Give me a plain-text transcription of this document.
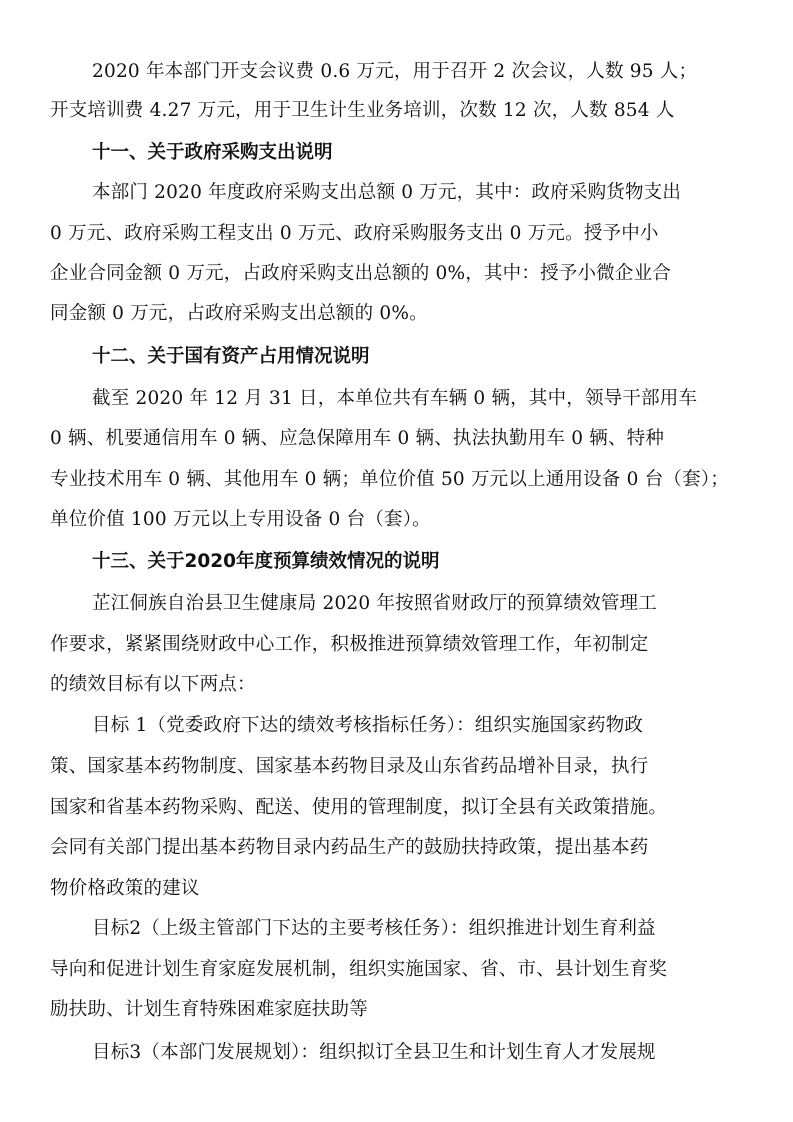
2020 年本部门开支会议费 0.6 万元，用于召开 2 次会议，人数 95 人；
开支培训费 4.27 万元，用于卫生计生业务培训，次数 12 次，人数 854 人
十一、关于政府采购支出说明
本部门 2020 年度政府采购支出总额 0 万元，其中：政府采购货物支出
0 万元、政府采购工程支出 0 万元、政府采购服务支出 0 万元。授予中小
企业合同金额 0 万元，占政府采购支出总额的 0%，其中：授予小微企业合
同金额 0 万元，占政府采购支出总额的 0%。
十二、关于国有资产占用情况说明
截至 2020 年 12 月 31 日，本单位共有车辆 0 辆，其中，领导干部用车
0 辆、机要通信用车 0 辆、应急保障用车 0 辆、执法执勤用车 0 辆、特种
专业技术用车 0 辆、其他用车 0 辆；单位价值 50 万元以上通用设备 0 台（套）；
单位价值 100 万元以上专用设备 0 台（套）。
十三、关于2020年度预算绩效情况的说明
芷江侗族自治县卫生健康局 2020 年按照省财政厅的预算绩效管理工
作要求，紧紧围绕财政中心工作，积极推进预算绩效管理工作，年初制定
的绩效目标有以下两点：
目标 1（党委政府下达的绩效考核指标任务）：组织实施国家药物政
策、国家基本药物制度、国家基本药物目录及山东省药品增补目录，执行
国家和省基本药物采购、配送、使用的管理制度，拟订全县有关政策措施。
会同有关部门提出基本药物目录内药品生产的鼓励扶持政策，提出基本药
物价格政策的建议
目标2（上级主管部门下达的主要考核任务）：组织推进计划生育利益
导向和促进计划生育家庭发展机制，组织实施国家、省、市、县计划生育奖
励扶助、计划生育特殊困难家庭扶助等
目标3（本部门发展规划）：组织拟订全县卫生和计划生育人才发展规
